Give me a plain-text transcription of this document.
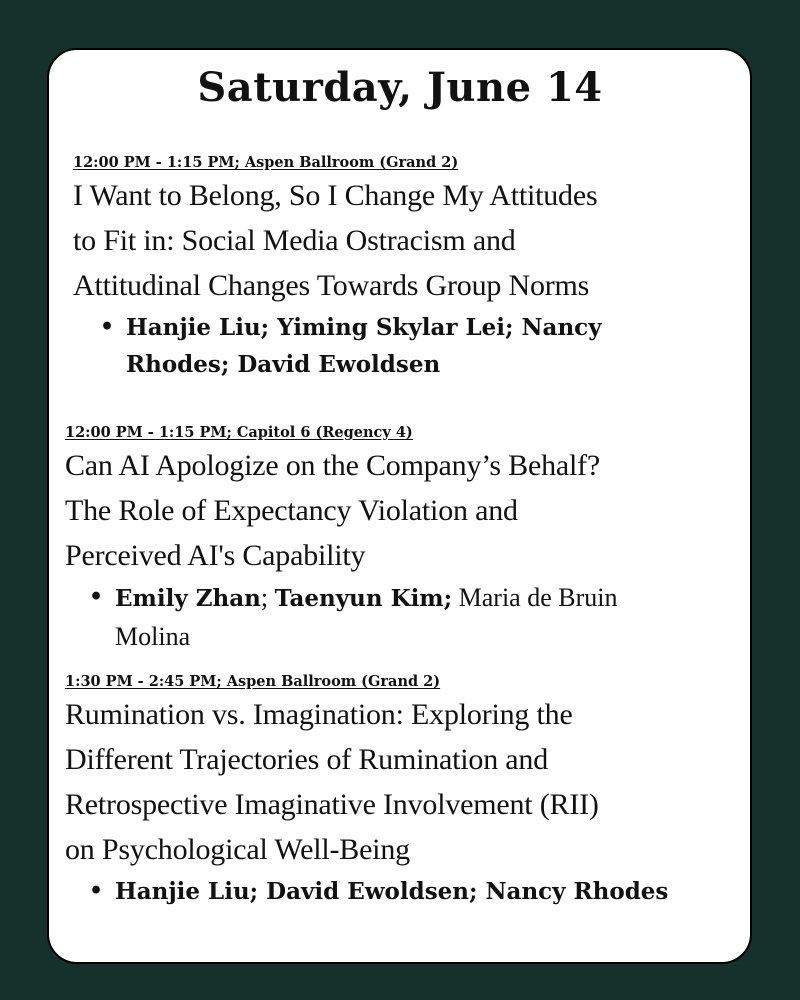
Saturday, June 14
12:00 PM - 1:15 PM; Aspen Ballroom (Grand 2)
I Want to Belong, So I Change My Attitudes
to Fit in: Social Media Ostracism and
Attitudinal Changes Towards Group Norms
• Hanjie Liu; Yiming Skylar Lei; Nancy
Rhodes; David Ewoldsen
12:00 PM - 1:15 PM; Capitol 6 (Regency 4)
Can AI Apologize on the Company’s Behalf?
The Role of Expectancy Violation and
Perceived AI's Capability
• Emily Zhan; Taenyun Kim; Maria de Bruin
Molina
1:30 PM - 2:45 PM; Aspen Ballroom (Grand 2)
Rumination vs. Imagination: Exploring the
Different Trajectories of Rumination and
Retrospective Imaginative Involvement (RII)
on Psychological Well-Being
• Hanjie Liu; David Ewoldsen; Nancy Rhodes
